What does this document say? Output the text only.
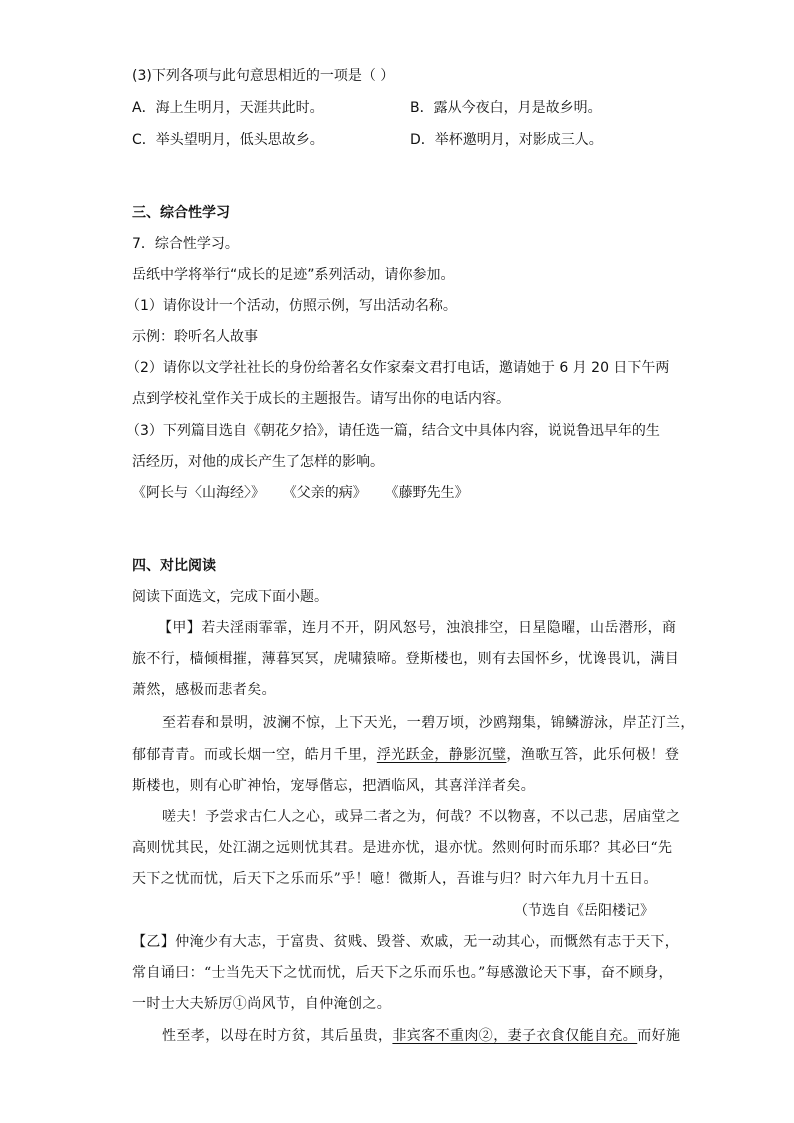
(3)下列各项与此句意思相近的一项是（ ）
A．海上生明月，天涯共此时。	B．露从今夜白，月是故乡明。
C．举头望明月，低头思故乡。	D．举杯邀明月，对影成三人。
三、综合性学习
7．综合性学习。
岳纸中学将举行“成长的足迹”系列活动，请你参加。
（1）请你设计一个活动，仿照示例，写出活动名称。
示例：聆听名人故事
（2）请你以文学社社长的身份给著名女作家秦文君打电话，邀请她于 6 月 20 日下午两
点到学校礼堂作关于成长的主题报告。请写出你的电话内容。
（3）下列篇目选自《朝花夕拾》，请任选一篇，结合文中具体内容，说说鲁迅早年的生
活经历，对他的成长产生了怎样的影响。
《阿长与〈山海经〉》    《父亲的病》    《藤野先生》
四、对比阅读
阅读下面选文，完成下面小题。
【甲】若夫淫雨霏霏，连月不开，阴风怒号，浊浪排空，日星隐曜，山岳潜形，商
旅不行，樯倾楫摧，薄暮冥冥，虎啸猿啼。登斯楼也，则有去国怀乡，忧谗畏讥，满目
萧然，感极而悲者矣。
至若春和景明，波澜不惊，上下天光，一碧万顷，沙鸥翔集，锦鳞游泳，岸芷汀兰，
郁郁青青。而或长烟一空，皓月千里，浮光跃金，静影沉璧，渔歌互答，此乐何极！登
斯楼也，则有心旷神怡，宠辱偕忘，把酒临风，其喜洋洋者矣。
嗟夫！予尝求古仁人之心，或异二者之为，何哉？不以物喜，不以己悲，居庙堂之
高则忧其民，处江湖之远则忧其君。是进亦忧，退亦忧。然则何时而乐耶？其必曰“先
天下之忧而忧，后天下之乐而乐”乎！噫！微斯人，吾谁与归？时六年九月十五日。
（节选自《岳阳楼记》
【乙】仲淹少有大志，于富贵、贫贱、毁誉、欢戚，无一动其心，而慨然有志于天下，
常自诵曰：“士当先天下之忧而忧，后天下之乐而乐也。”每感激论天下事，奋不顾身，
一时士大夫矫厉①尚风节，自仲淹创之。
性至孝，以母在时方贫，其后虽贵，非宾客不重肉②，妻子衣食仅能自充。而好施
